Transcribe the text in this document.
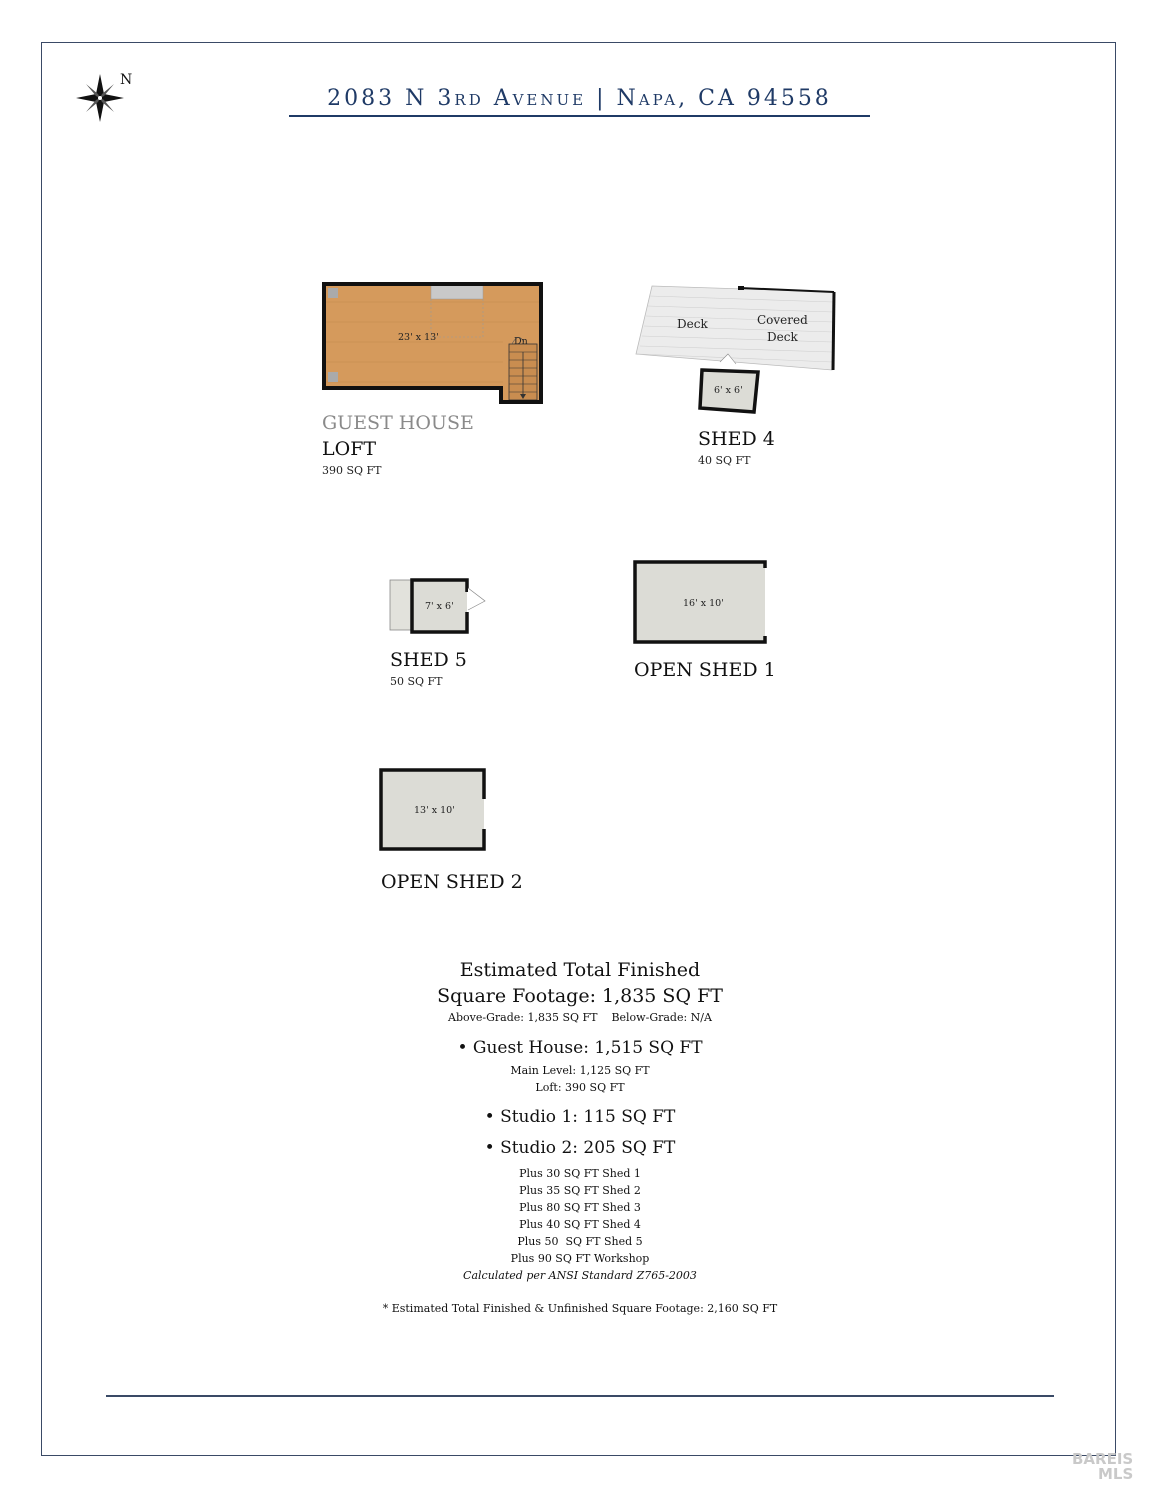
N
2083 N 3rd Avenue | Napa, CA 94558
23' x 13'	Dn
GUEST HOUSE
LOFT
390 SQ FT
Deck	Covered
Deck
6' x 6'
SHED 4
40 SQ FT
7' x 6'
SHED 5
50 SQ FT
16' x 10'
OPEN SHED 1
13' x 10'
OPEN SHED 2
Estimated Total Finished
Square Footage: 1,835 SQ FT
Above-Grade: 1,835 SQ FT    Below-Grade: N/A
• Guest House: 1,515 SQ FT
Main Level: 1,125 SQ FT
Loft: 390 SQ FT
• Studio 1: 115 SQ FT
• Studio 2: 205 SQ FT
Plus 30 SQ FT Shed 1
Plus 35 SQ FT Shed 2
Plus 80 SQ FT Shed 3
Plus 40 SQ FT Shed 4
Plus 50  SQ FT Shed 5
Plus 90 SQ FT Workshop
Calculated per ANSI Standard Z765-2003
* Estimated Total Finished & Unfinished Square Footage: 2,160 SQ FT
BAREIS
MLS
